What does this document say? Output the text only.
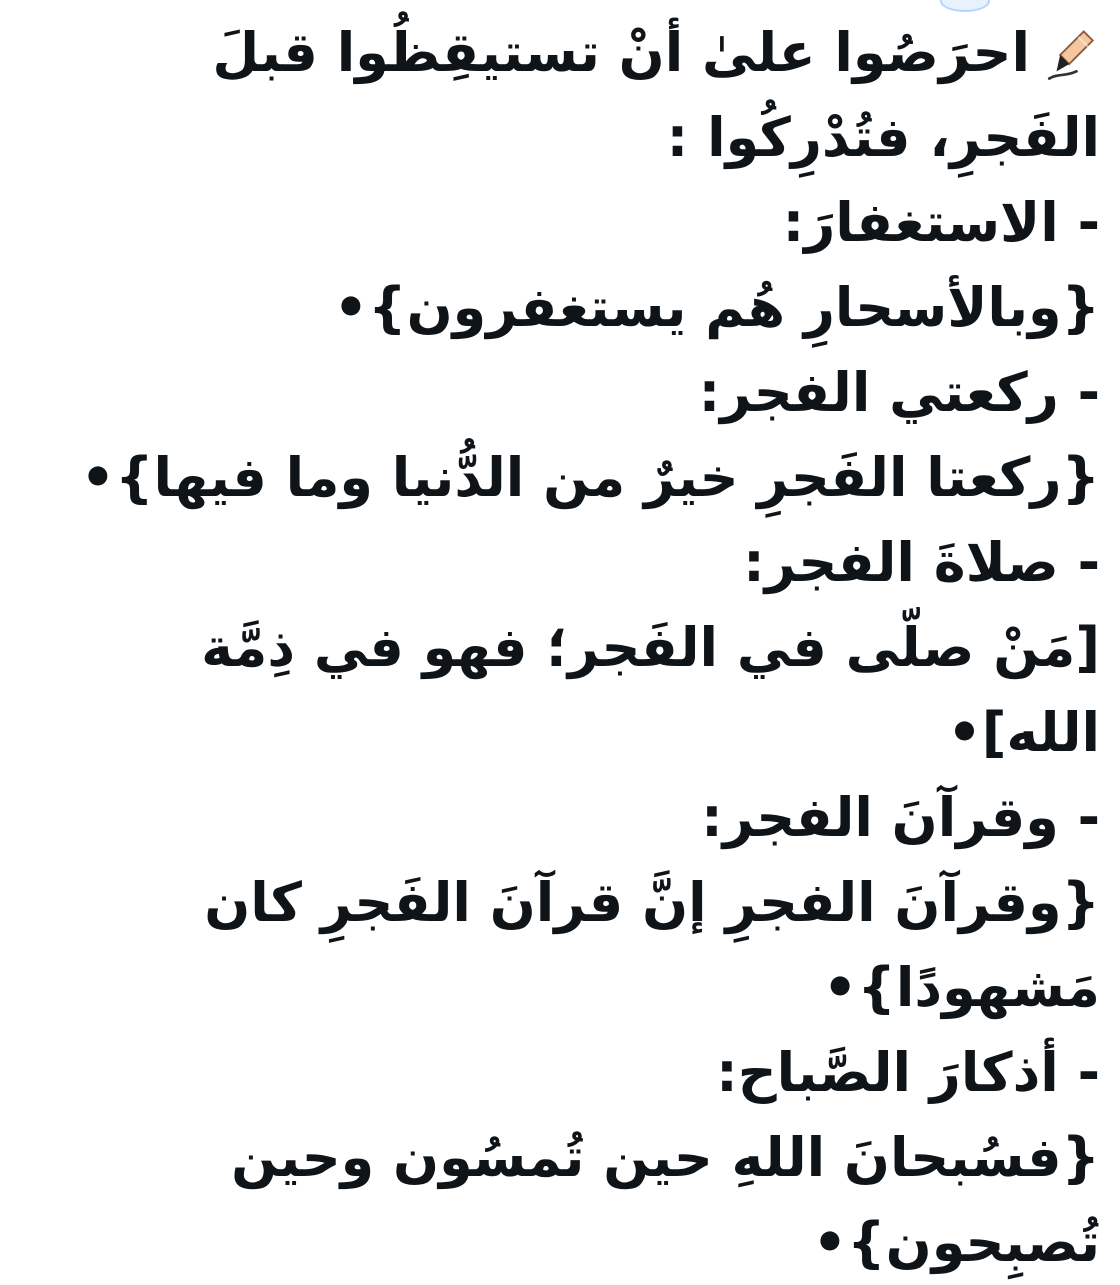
احرَصُوا علىٰ أنْ تستيقِظُوا قبلَ الفَجرِ، فتُدْرِكُوا :
- الاستغفارَ:
{وبالأسحارِ هُم يستغفرون}•
- ركعتي الفجر:
{ركعتا الفَجرِ خيرٌ من الدُّنيا وما فيها}•
- صلاةَ الفجر:
[مَنْ صلّى في الفَجر؛ فهو في ذِمَّة الله]•
- وقرآنَ الفجر:
{وقرآنَ الفجرِ إنَّ قرآنَ الفَجرِ كان مَشهودًا}•
- أذكارَ الصَّباح:
{فسُبحانَ اللهِ حين تُمسُون وحين تُصبِحون}•
